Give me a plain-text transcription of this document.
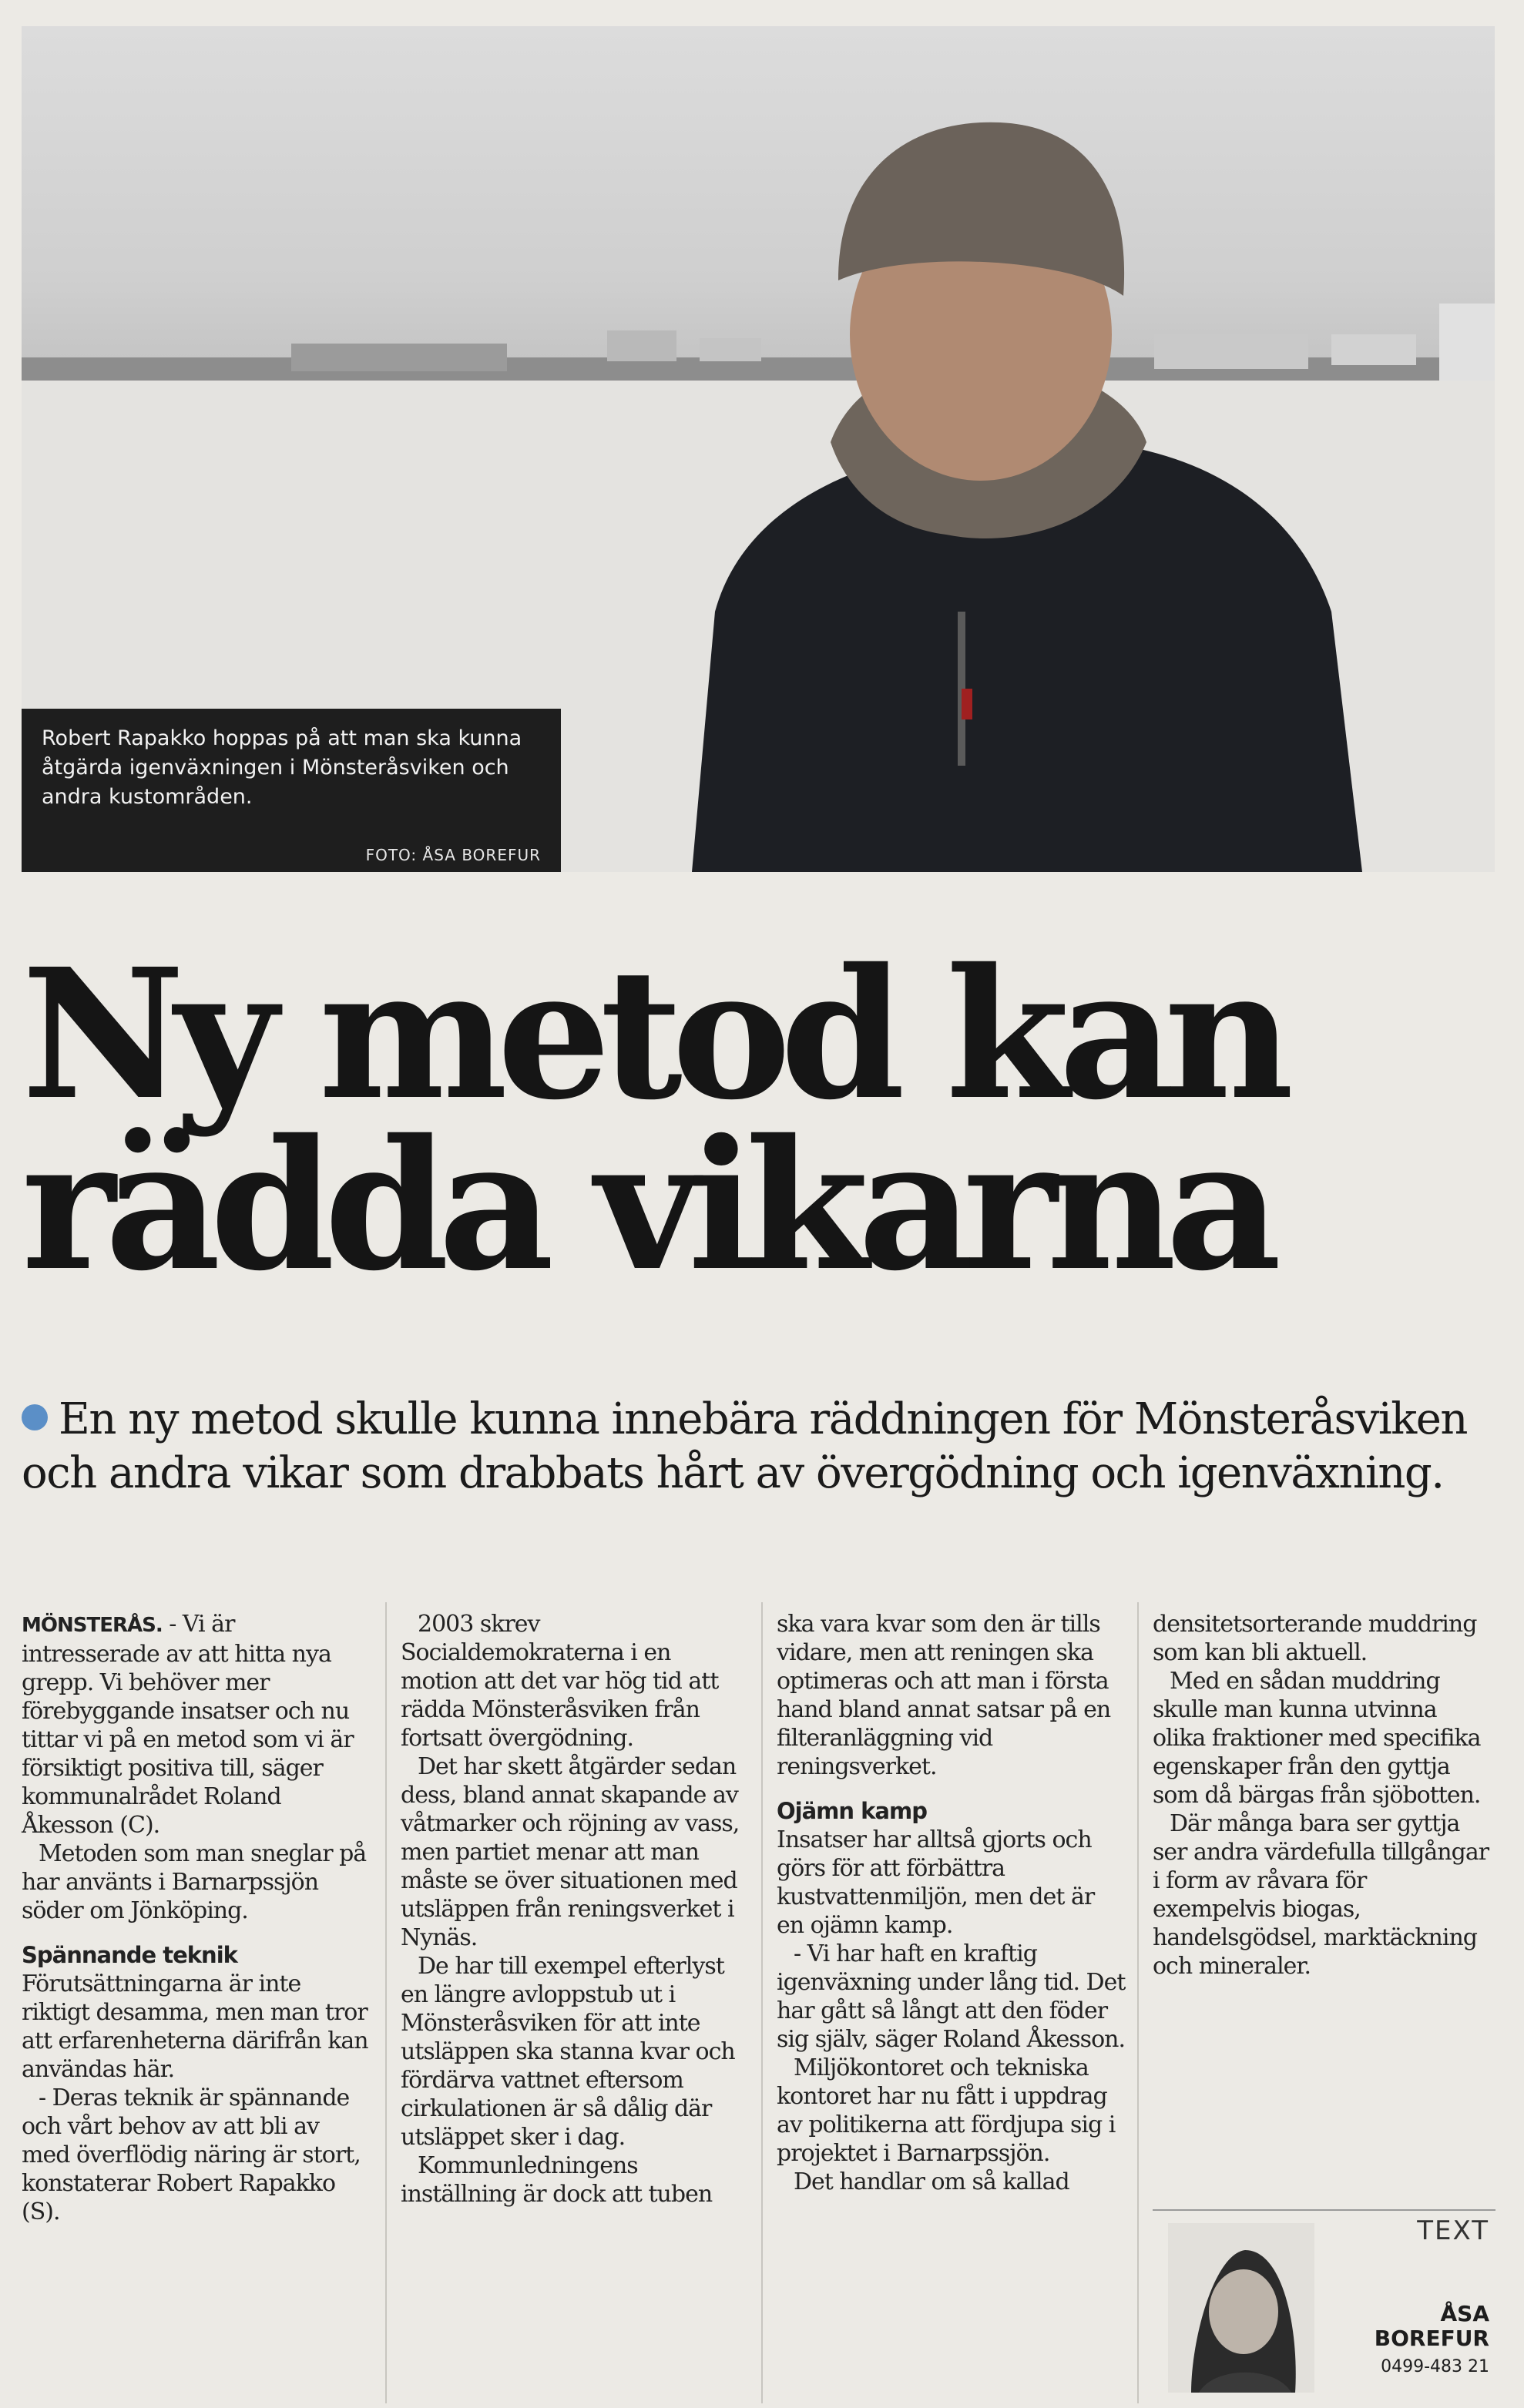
Robert Rapakko hoppas på att man ska kunna åtgärda igenväxningen i Mönsteråsviken och andra kustområden.
FOTO: ÅSA BOREFUR
Ny metod kan rädda vikarna
En ny metod skulle kunna innebära räddningen för Mönsteråsviken och andra vikar som drabbats hårt av övergödning och igenväxning.

MÖNSTERÅS. - Vi är intresserade av att hitta nya grepp. Vi behöver mer förebyggande insatser och nu tittar vi på en metod som vi är försiktigt positiva till, säger kommunalrådet Roland Åkesson (C).

Metoden som man sneglar på har använts i Barnarpssjön söder om Jönköping.

Spännande teknik

Förutsättningarna är inte riktigt desamma, men man tror att erfarenheterna därifrån kan användas här.

- Deras teknik är spännande och vårt behov av att bli av med överflödig näring är stort, konstaterar Robert Rapakko (S).

2003 skrev Socialdemokraterna i en motion att det var hög tid att rädda Mönsteråsviken från fortsatt övergödning.

Det har skett åtgärder sedan dess, bland annat skapande av våtmarker och röjning av vass, men partiet menar att man måste se över situationen med utsläppen från reningsverket i Nynäs.

De har till exempel efterlyst en längre avloppstub ut i Mönsteråsviken för att inte utsläppen ska stanna kvar och fördärva vattnet eftersom cirkulationen är så dålig där utsläppet sker i dag.

Kommunledningens inställning är dock att tuben

ska vara kvar som den är tills vidare, men att reningen ska optimeras och att man i första hand bland annat satsar på en filteranläggning vid reningsverket.

Ojämn kamp

Insatser har alltså gjorts och görs för att förbättra kustvattenmiljön, men det är en ojämn kamp.

- Vi har haft en kraftig igenväxning under lång tid. Det har gått så långt att den föder sig själv, säger Roland Åkesson.

Miljökontoret och tekniska kontoret har nu fått i uppdrag av politikerna att fördjupa sig i projektet i Barnarpssjön.

Det handlar om så kallad

densitetsorterande muddring som kan bli aktuell.

Med en sådan muddring skulle man kunna utvinna olika fraktioner med specifika egenskaper från den gyttja som då bärgas från sjöbotten.

Där många bara ser gyttja ser andra värdefulla tillgångar i form av råvara för exempelvis biogas, handelsgödsel, marktäckning och mineraler.

TEXT
ÅSA
BOREFUR
0499-483 21
